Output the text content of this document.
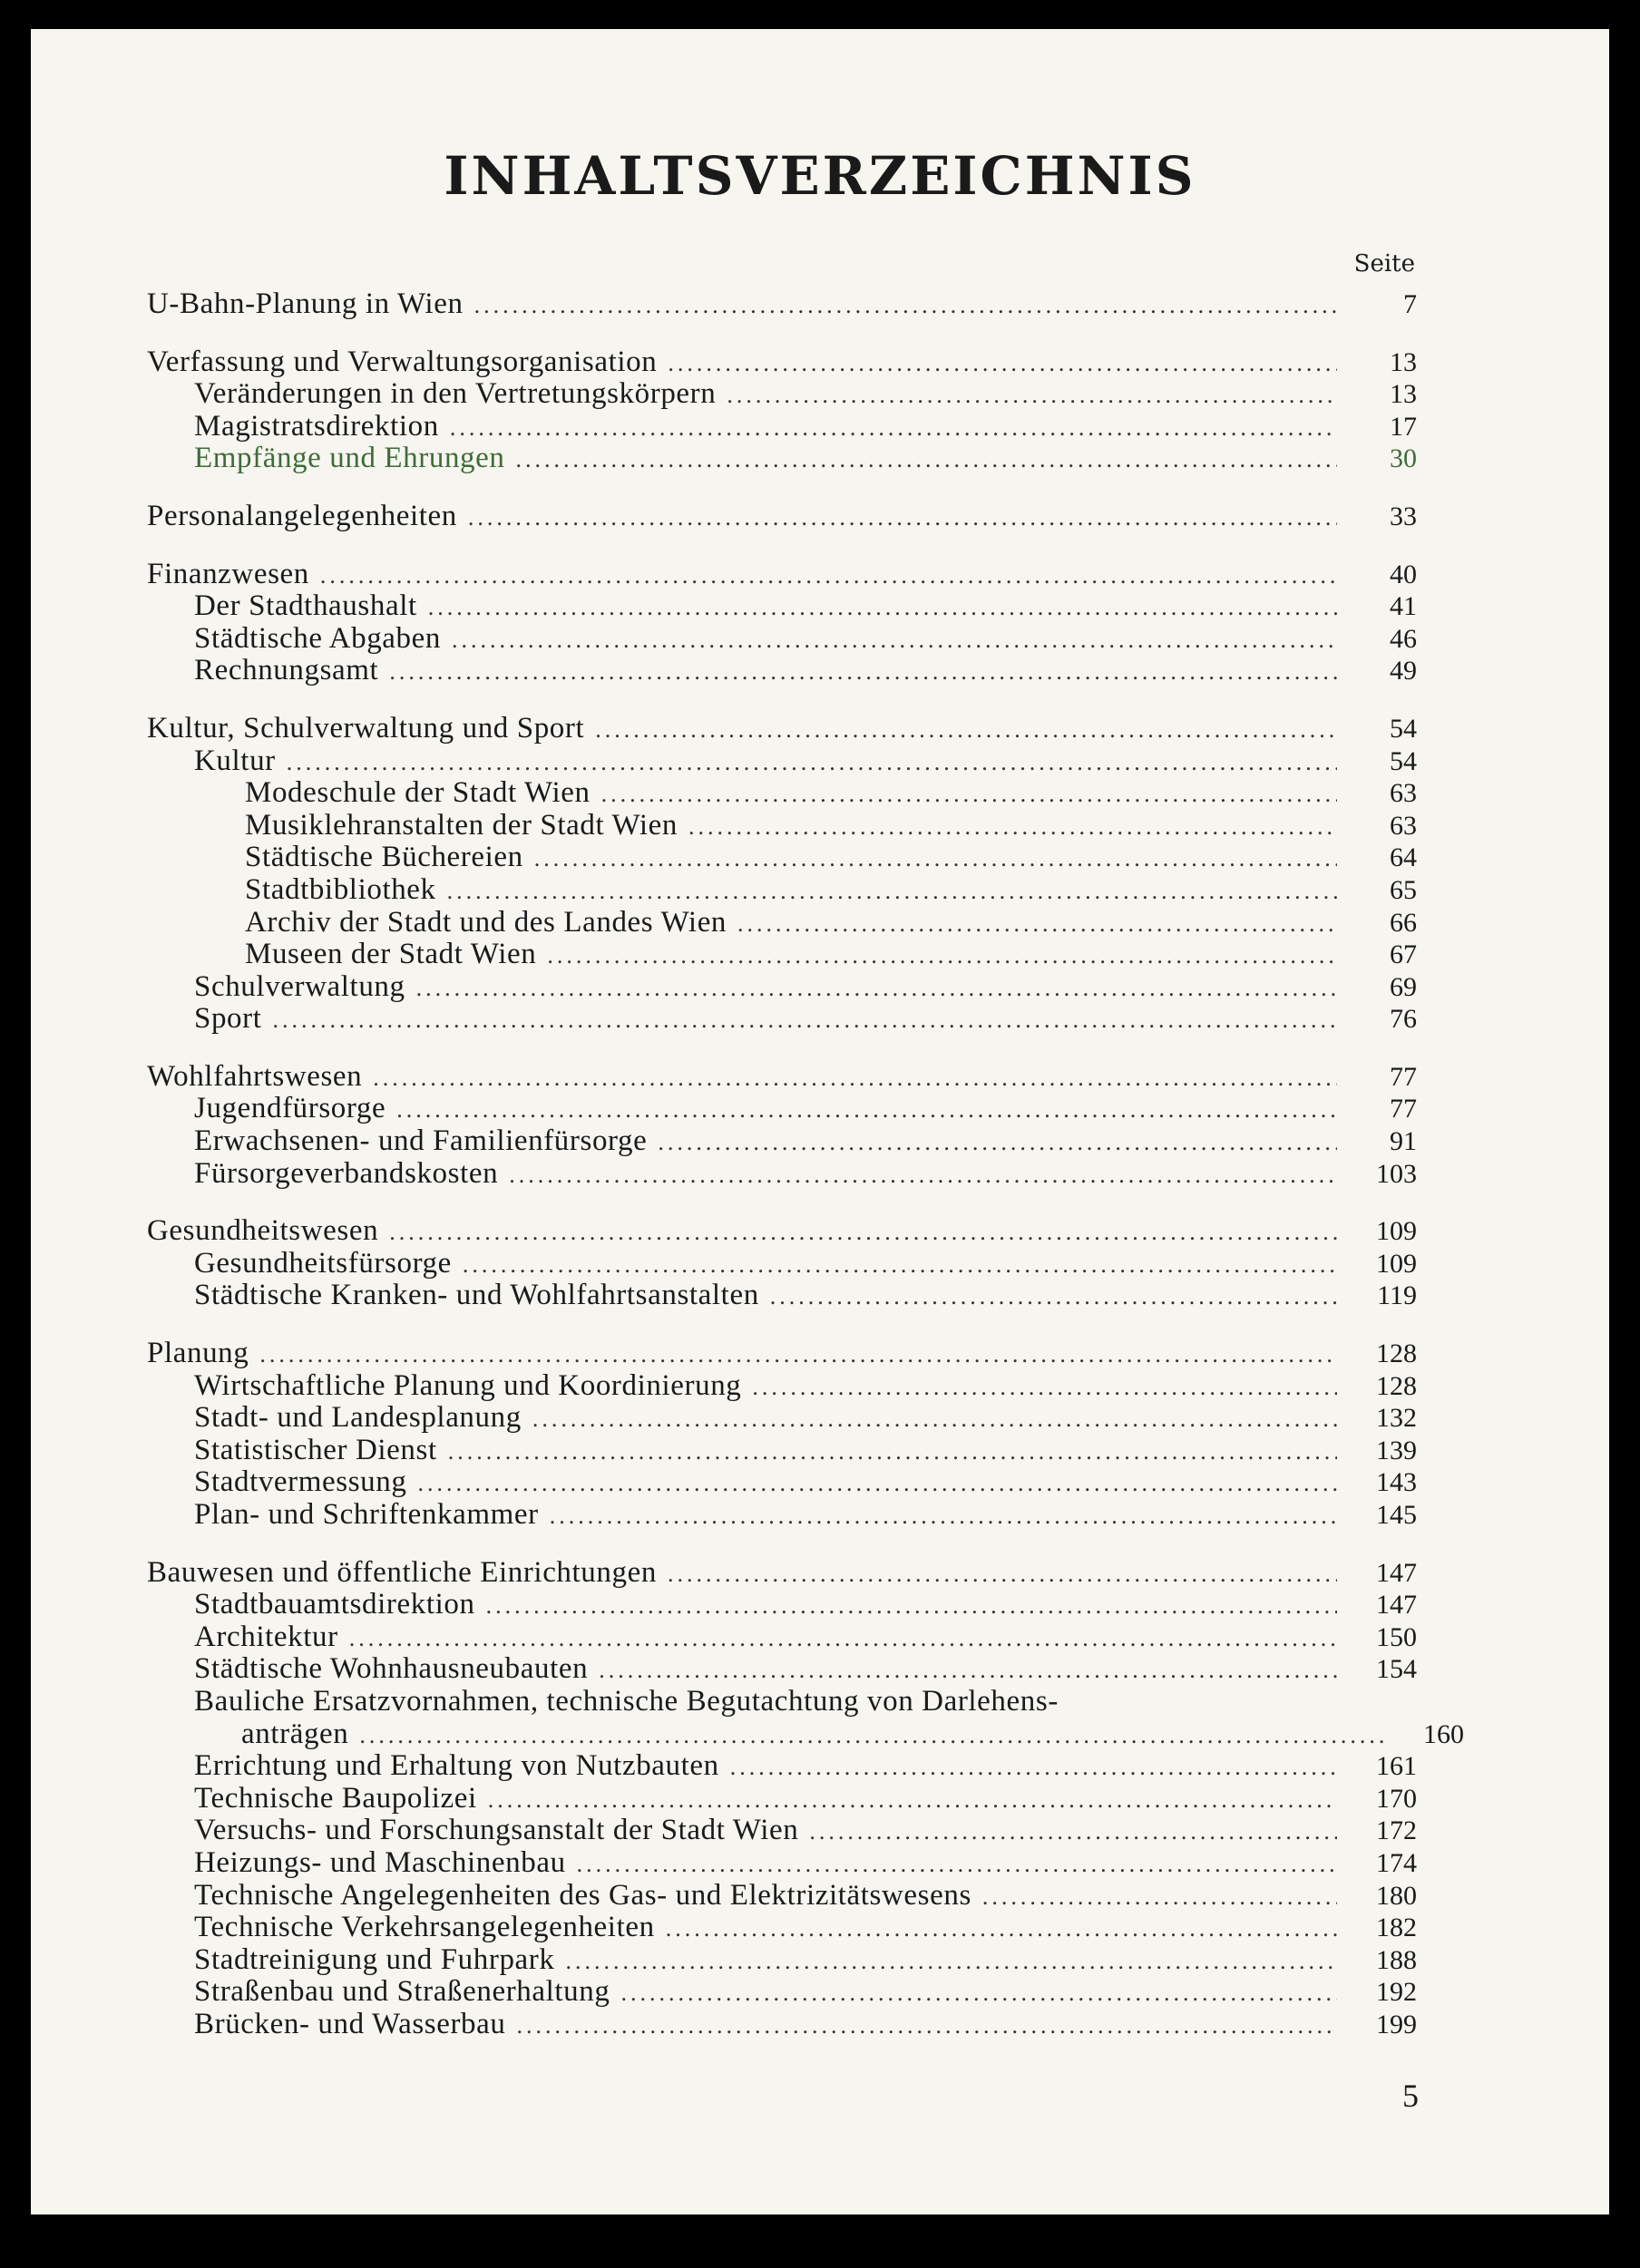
INHALTSVERZEICHNIS
Seite
U-Bahn-Planung in Wien .....	7
Verfassung und Verwaltungsorganisation .....	13
Veränderungen in den Vertretungskörpern .....	13
Magistratsdirektion .....	17
Empfänge und Ehrungen .....	30
Personalangelegenheiten .....	33
Finanzwesen .....	40
Der Stadthaushalt .....	41
Städtische Abgaben .....	46
Rechnungsamt .....	49
Kultur, Schulverwaltung und Sport .....	54
Kultur .....	54
Modeschule der Stadt Wien .....	63
Musiklehranstalten der Stadt Wien .....	63
Städtische Büchereien .....	64
Stadtbibliothek .....	65
Archiv der Stadt und des Landes Wien .....	66
Museen der Stadt Wien .....	67
Schulverwaltung .....	69
Sport .....	76
Wohlfahrtswesen .....	77
Jugendfürsorge .....	77
Erwachsenen- und Familienfürsorge .....	91
Fürsorgeverbandskosten .....	103
Gesundheitswesen .....	109
Gesundheitsfürsorge .....	109
Städtische Kranken- und Wohlfahrtsanstalten .....	119
Planung .....	128
Wirtschaftliche Planung und Koordinierung .....	128
Stadt- und Landesplanung .....	132
Statistischer Dienst .....	139
Stadtvermessung .....	143
Plan- und Schriftenkammer .....	145
Bauwesen und öffentliche Einrichtungen .....	147
Stadtbauamtsdirektion .....	147
Architektur .....	150
Städtische Wohnhausneubauten .....	154
Bauliche Ersatzvornahmen, technische Begutachtung von Darlehens-
anträgen .....	160
Errichtung und Erhaltung von Nutzbauten .....	161
Technische Baupolizei .....	170
Versuchs- und Forschungsanstalt der Stadt Wien .....	172
Heizungs- und Maschinenbau .....	174
Technische Angelegenheiten des Gas- und Elektrizitätswesens .....	180
Technische Verkehrsangelegenheiten .....	182
Stadtreinigung und Fuhrpark .....	188
Straßenbau und Straßenerhaltung .....	192
Brücken- und Wasserbau .....	199
5
